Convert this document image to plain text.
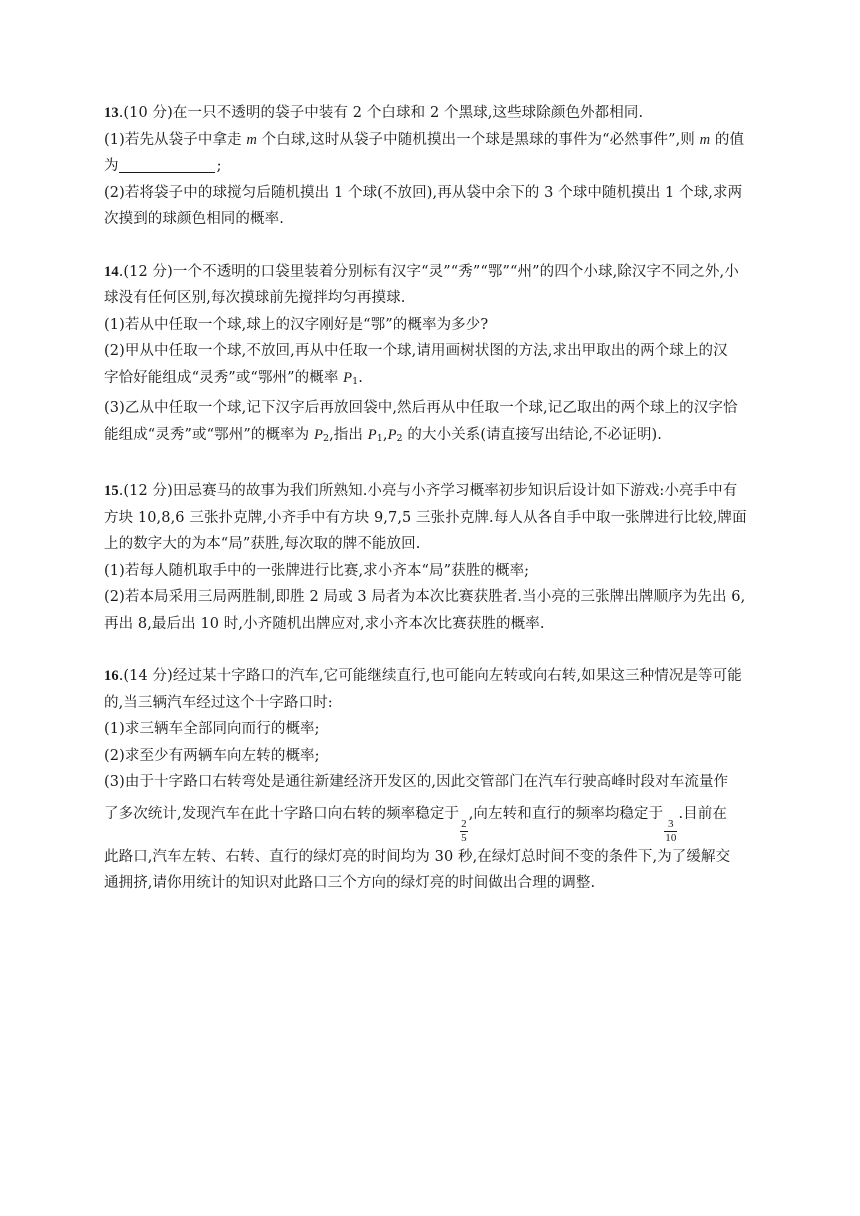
13.(10 分)在一只不透明的袋子中装有 2 个白球和 2 个黑球,这些球除颜色外都相同.
(1)若先从袋子中拿走 m 个白球,这时从袋子中随机摸出一个球是黑球的事件为“必然事件”,则 m 的值
为	;
(2)若将袋子中的球搅匀后随机摸出 1 个球(不放回),再从袋中余下的 3 个球中随机摸出 1 个球,求两
次摸到的球颜色相同的概率.
14.(12 分)一个不透明的口袋里装着分别标有汉字“灵”“秀”“鄂”“州”的四个小球,除汉字不同之外,小
球没有任何区别,每次摸球前先搅拌均匀再摸球.
(1)若从中任取一个球,球上的汉字刚好是“鄂”的概率为多少?
(2)甲从中任取一个球,不放回,再从中任取一个球,请用画树状图的方法,求出甲取出的两个球上的汉
字恰好能组成“灵秀”或“鄂州”的概率 $P_1$.
(3)乙从中任取一个球,记下汉字后再放回袋中,然后再从中任取一个球,记乙取出的两个球上的汉字恰
能组成“灵秀”或“鄂州”的概率为 $P_2$,指出 $P_1,P_2$ 的大小关系(请直接写出结论,不必证明).
15.(12 分)田忌赛马的故事为我们所熟知.小亮与小齐学习概率初步知识后设计如下游戏:小亮手中有
方块 10,8,6 三张扑克牌,小齐手中有方块 9,7,5 三张扑克牌.每人从各自手中取一张牌进行比较,牌面
上的数字大的为本“局”获胜,每次取的牌不能放回.
(1)若每人随机取手中的一张牌进行比赛,求小齐本“局”获胜的概率;
(2)若本局采用三局两胜制,即胜 2 局或 3 局者为本次比赛获胜者.当小亮的三张牌出牌顺序为先出 6,
再出 8,最后出 10 时,小齐随机出牌应对,求小齐本次比赛获胜的概率.
16.(14 分)经过某十字路口的汽车,它可能继续直行,也可能向左转或向右转,如果这三种情况是等可能
的,当三辆汽车经过这个十字路口时:
(1)求三辆车全部同向而行的概率;
(2)求至少有两辆车向左转的概率;
(3)由于十字路口右转弯处是通往新建经济开发区的,因此交管部门在汽车行驶高峰时段对车流量作
了多次统计,发现汽车在此十字路口向右转的频率稳定于
$\frac{2}{5}$
,向左转和直行的频率均稳定于
$\frac{3}{10}$
.目前在
此路口,汽车左转、右转、直行的绿灯亮的时间均为 30 秒,在绿灯总时间不变的条件下,为了缓解交
通拥挤,请你用统计的知识对此路口三个方向的绿灯亮的时间做出合理的调整.
